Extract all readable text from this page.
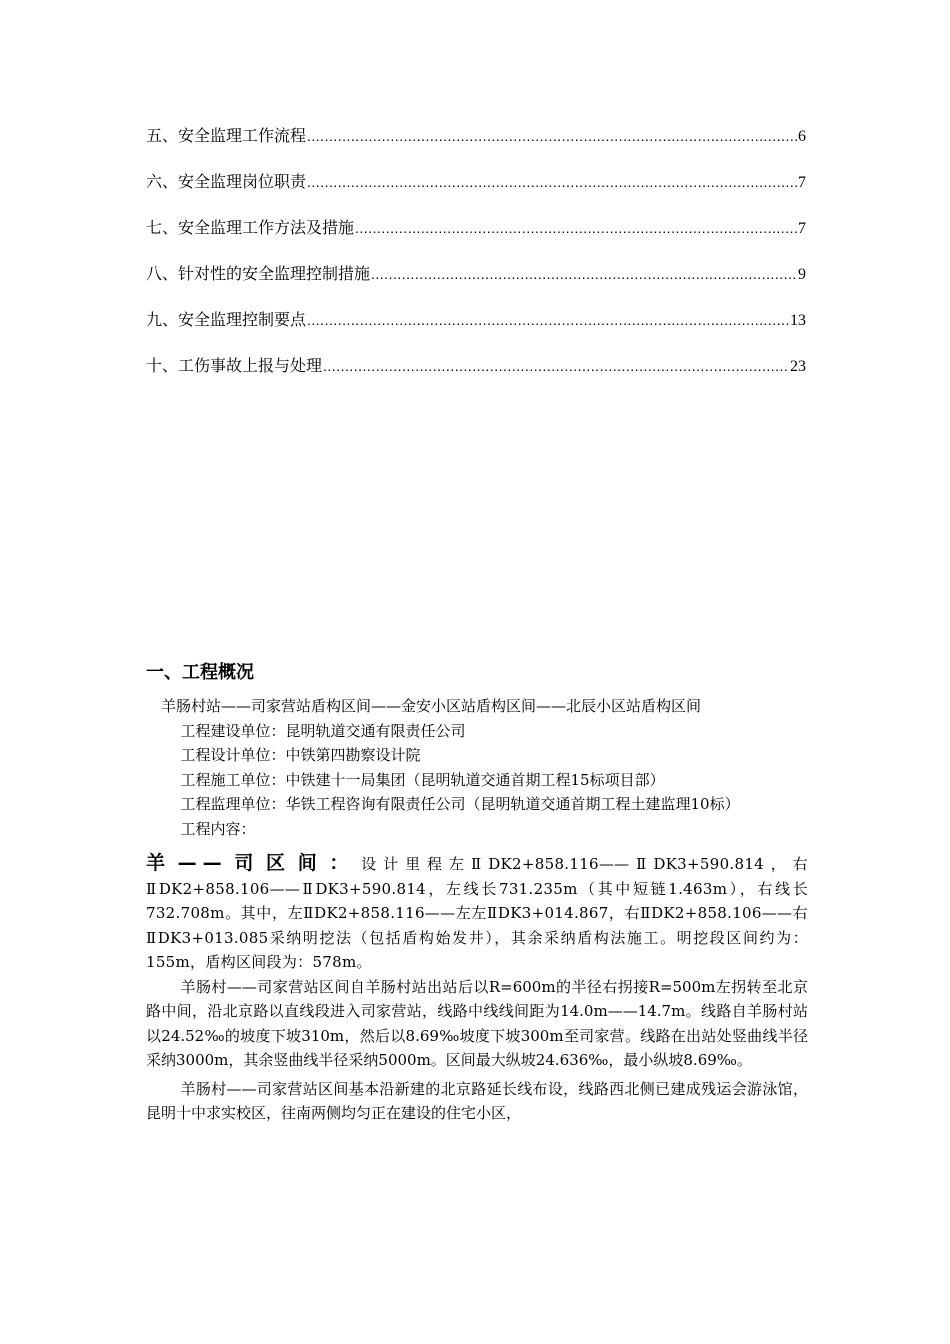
五、安全监理工作流程 .....	6
六、安全监理岗位职责 .....	7
七、安全监理工作方法及措施 .....	7
八、针对性的安全监理控制措施 .....	9
九、安全监理控制要点 .....	13
十、工伤事故上报与处理 .....	23
一、工程概况

羊肠村站——司家营站盾构区间——金安小区站盾构区间——北辰小区站盾构区间

工程建设单位：昆明轨道交通有限责任公司

工程设计单位：中铁第四勘察设计院

工程施工单位：中铁建十一局集团（昆明轨道交通首期工程15标项目部）

工程监理单位：华铁工程咨询有限责任公司（昆明轨道交通首期工程土建监理10标）

工程内容：

羊——司区间：设计里程左ⅡDK2+858.116——ⅡDK3+590.814，右ⅡDK2+858.106——ⅡDK3+590.814，左线长731.235m（其中短链1.463m），右线长732.708m。其中，左ⅡDK2+858.116——左左ⅡDK3+014.867，右ⅡDK2+858.106——右ⅡDK3+013.085采纳明挖法（包括盾构始发井），其余采纳盾构法施工。明挖段区间约为：155m，盾构区间段为：578m。

羊肠村——司家营站区间自羊肠村站出站后以R=600m的半径右拐接R=500m左拐转至北京路中间，沿北京路以直线段进入司家营站，线路中线线间距为14.0m——14.7m。线路自羊肠村站以24.52‰的坡度下坡310m，然后以8.69‰坡度下坡300m至司家营。线路在出站处竖曲线半径采纳3000m，其余竖曲线半径采纳5000m。区间最大纵坡24.636‰，最小纵坡8.69‰。

羊肠村——司家营站区间基本沿新建的北京路延长线布设，线路西北侧已建成残运会游泳馆，昆明十中求实校区，往南两侧均匀正在建设的住宅小区，
